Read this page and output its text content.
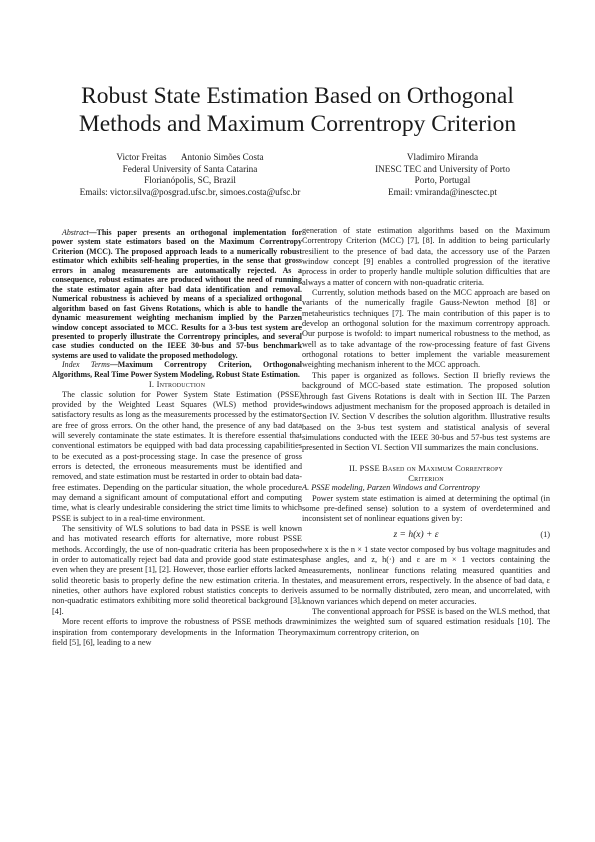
Robust State Estimation Based on Orthogonal
Methods and Maximum Correntropy Criterion
Victor Freitas Antonio Simões Costa
Federal University of Santa Catarina
Florianópolis, SC, Brazil
Emails: victor.silva@posgrad.ufsc.br, simoes.costa@ufsc.br
Vladimiro Miranda
INESC TEC and University of Porto
Porto, Portugal
Email: vmiranda@inesctec.pt

Abstract—This paper presents an orthogonal implementation for power system state estimators based on the Maximum Correntropy Criterion (MCC). The proposed approach leads to a numerically robust estimator which exhibits self-healing properties, in the sense that gross errors in analog measurements are automatically rejected. As a consequence, robust estimates are produced without the need of running the state estimator again after bad data identification and removal. Numerical robustness is achieved by means of a specialized orthogonal algorithm based on fast Givens Rotations, which is able to handle the dynamic measurement weighting mechanism implied by the Parzen window concept associated to MCC. Results for a 3-bus test system are presented to properly illustrate the Correntropy principles, and several case studies conducted on the IEEE 30-bus and 57-bus benchmark systems are used to validate the proposed methodology.

Index Terms—Maximum Correntropy Criterion, Orthogonal Algorithms, Real Time Power System Modeling, Robust State Estimation.

I. Introduction

The classic solution for Power System State Estimation (PSSE) provided by the Weighted Least Squares (WLS) method provides satisfactory results as long as the measurements processed by the estimator are free of gross errors. On the other hand, the presence of any bad data will severely contaminate the state estimates. It is therefore essential that conventional estimators be equipped with bad data processing capabilities to be executed as a post-processing stage. In case the presence of gross errors is detected, the erroneous measurements must be identified and removed, and state estimation must be restarted in order to obtain bad data-free estimates. Depending on the particular situation, the whole procedure may demand a significant amount of computational effort and computing time, what is clearly undesirable considering the strict time limits to which PSSE is subject to in a real-time environment.

The sensitivity of WLS solutions to bad data in PSSE is well known and has motivated research efforts for alternative, more robust PSSE methods. Accordingly, the use of non-quadratic criteria has been proposed in order to automatically reject bad data and provide good state estimates even when they are present [1], [2]. However, those earlier efforts lacked a solid theoretic basis to properly define the new estimation criteria. In the nineties, other authors have explored robust statistics concepts to derive non-quadratic estimators exhibiting more solid theoretical background [3], [4].

More recent efforts to improve the robustness of PSSE methods draw inspiration from contemporary developments in the Information Theory field [5], [6], leading to a new

generation of state estimation algorithms based on the Maximum Correntropy Criterion (MCC) [7], [8]. In addition to being particularly resilient to the presence of bad data, the accessory use of the Parzen window concept [9] enables a controlled progression of the iterative process in order to properly handle multiple solution difficulties that are always a matter of concern with non-quadratic criteria.

Currently, solution methods based on the MCC approach are based on variants of the numerically fragile Gauss-Newton method [8] or metaheuristics techniques [7]. The main contribution of this paper is to develop an orthogonal solution for the maximum correntropy approach. Our purpose is twofold: to impart numerical robustness to the method, as well as to take advantage of the row-processing feature of fast Givens orthogonal rotations to better implement the variable measurement weighting mechanism inherent to the MCC approach.

This paper is organized as follows. Section II briefly reviews the background of MCC-based state estimation. The proposed solution through fast Givens Rotations is dealt with in Section III. The Parzen windows adjustment mechanism for the proposed approach is detailed in Section IV. Section V describes the solution algorithm. Illustrative results based on the 3-bus test system and statistical analysis of several simulations conducted with the IEEE 30-bus and 57-bus test systems are presented in Section VI. Section VII summarizes the main conclusions.

II. PSSE Based on Maximum Correntropy
Criterion

A. PSSE modeling, Parzen Windows and Correntropy

Power system state estimation is aimed at determining the optimal (in some pre-defined sense) solution to a system of overdetermined and inconsistent set of nonlinear equations given by:

z = h(x) + ε	(1)

where x is the n × 1 state vector composed by bus voltage magnitudes and phase angles, and z, h(·) and ε are m × 1 vectors containing the measurements, nonlinear functions relating measured quantities and states, and measurement errors, respectively. In the absence of bad data, ε is assumed to be normally distributed, zero mean, and uncorrelated, with known variances which depend on meter accuracies.

The conventional approach for PSSE is based on the WLS method, that minimizes the weighted sum of squared estimation residuals [10]. The maximum correntropy criterion, on
